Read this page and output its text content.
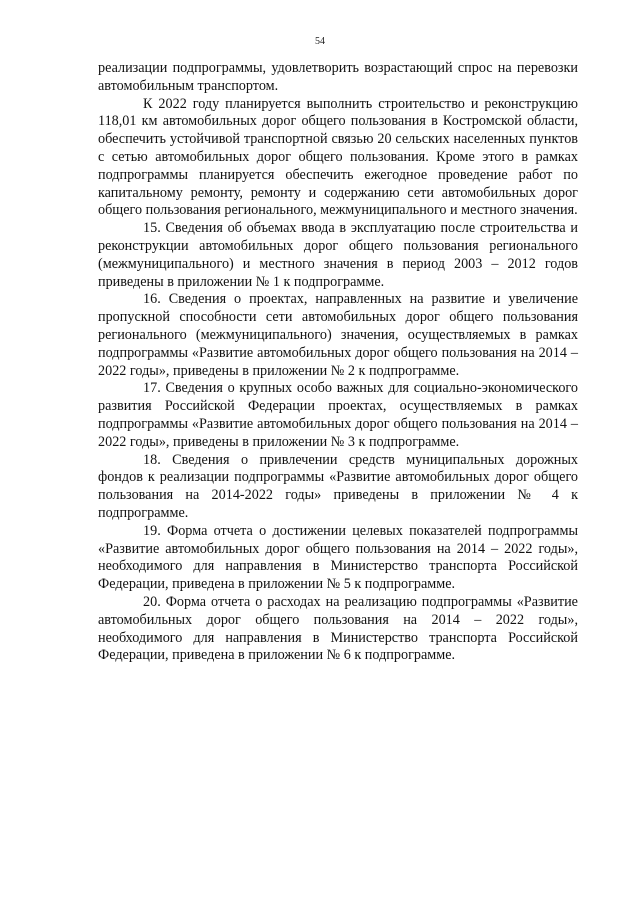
54

реализации подпрограммы, удовлетворить возрастающий спрос на перевозки автомобильным транспортом.

К 2022 году планируется выполнить строительство и реконструкцию 118,01 км автомобильных дорог общего пользования в Костромской области, обеспечить устойчивой транспортной связью 20 сельских населенных пунктов с сетью автомобильных дорог общего пользования. Кроме этого в рамках подпрограммы планируется обеспечить ежегодное проведение работ по капитальному ремонту, ремонту и содержанию сети автомобильных дорог общего пользования регионального, межмуниципального и местного значения.

15. Сведения об объемах ввода в эксплуатацию после строительства и реконструкции автомобильных дорог общего пользования регионального (межмуниципального) и местного значения в период 2003 – 2012 годов приведены в приложении № 1 к подпрограмме.

16. Сведения о проектах, направленных на развитие и увеличение пропускной способности сети автомобильных дорог общего пользования регионального (межмуниципального) значения, осуществляемых в рамках подпрограммы «Развитие автомобильных дорог общего пользования на 2014 – 2022 годы», приведены в приложении № 2 к подпрограмме.

17. Сведения о крупных особо важных для социально-экономического развития Российской Федерации проектах, осуществляемых в рамках подпрограммы «Развитие автомобильных дорог общего пользования на 2014 – 2022 годы», приведены в приложении № 3 к подпрограмме.

18. Сведения о привлечении средств муниципальных дорожных фондов к реализации подпрограммы «Развитие автомобильных дорог общего пользования на 2014-2022 годы» приведены в приложении № 4 к подпрограмме.

19. Форма отчета о достижении целевых показателей подпрограммы «Развитие автомобильных дорог общего пользования на 2014 – 2022 годы», необходимого для направления в Министерство транспорта Российской Федерации, приведена в приложении № 5 к подпрограмме.

20. Форма отчета о расходах на реализацию подпрограммы «Развитие автомобильных дорог общего пользования на 2014 – 2022 годы», необходимого для направления в Министерство транспорта Российской Федерации, приведена в приложении № 6 к подпрограмме.
